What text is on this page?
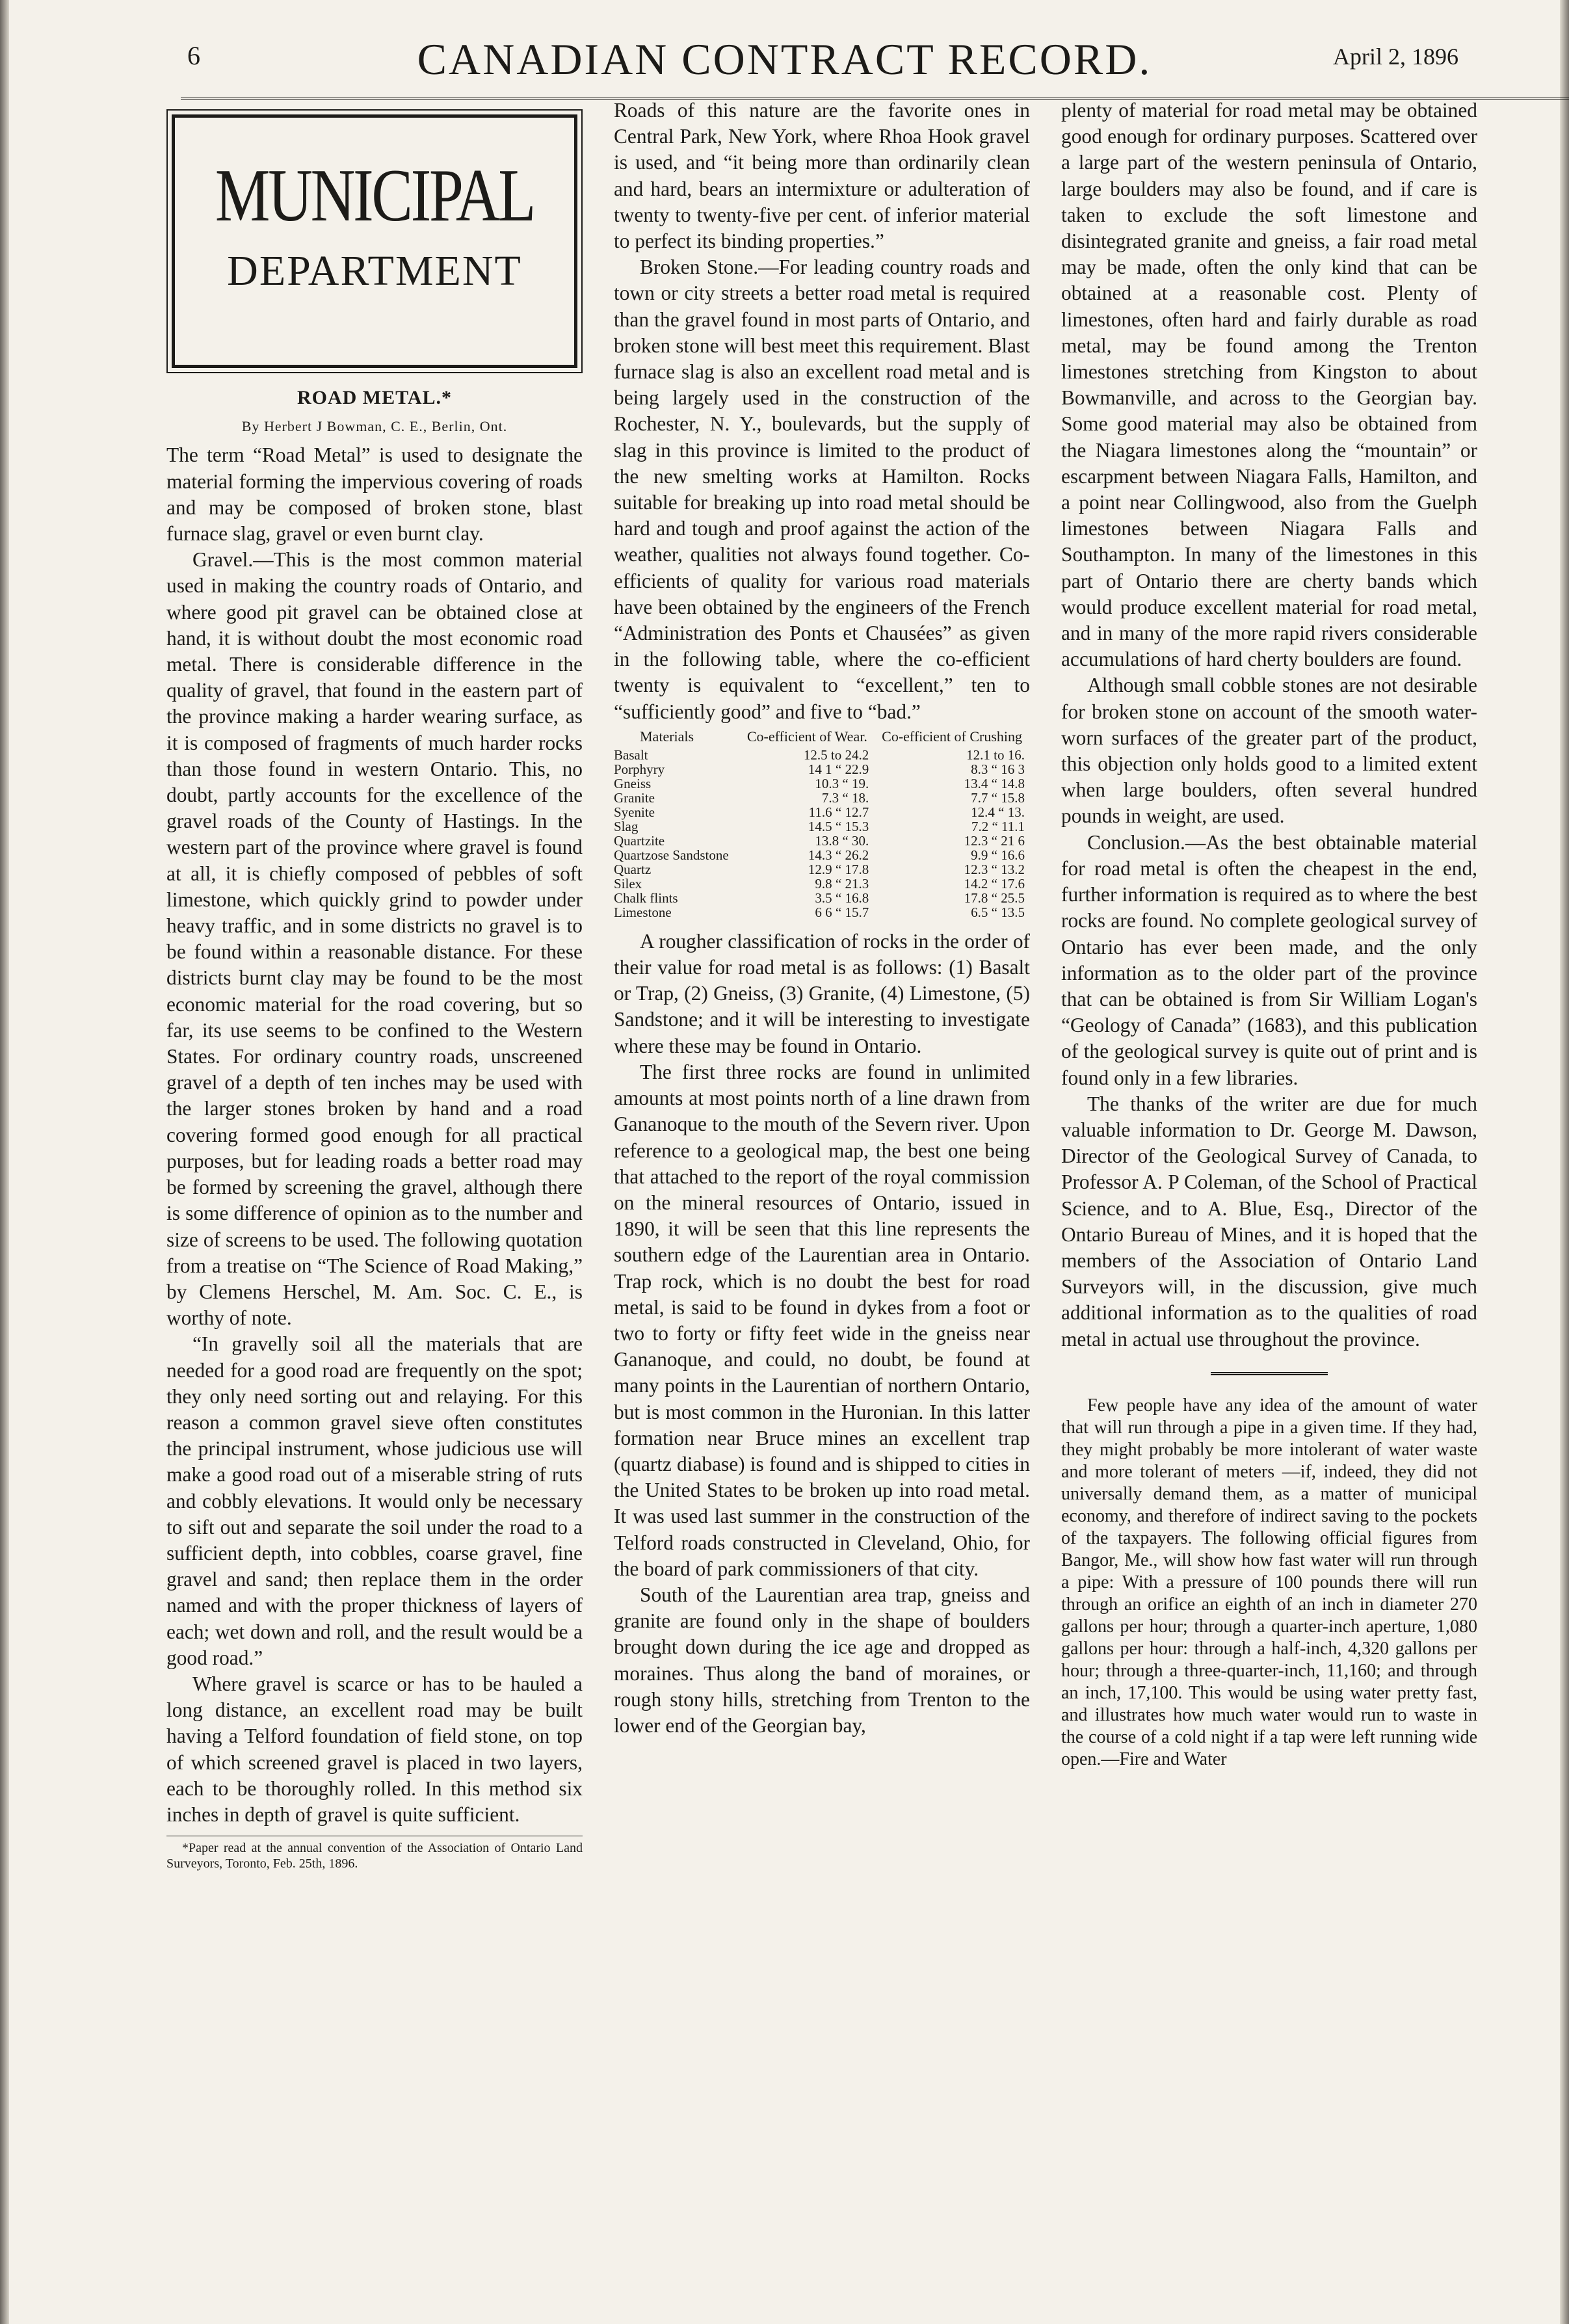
6	CANADIAN CONTRACT RECORD.	April 2, 1896
MUNICIPAL
DEPARTMENT
ROAD METAL.*
By Herbert J Bowman, C. E., Berlin, Ont.

The term “Road Metal” is used to designate the material forming the impervious covering of roads and may be composed of broken stone, blast furnace slag, gravel or even burnt clay.

Gravel.—This is the most common material used in making the country roads of Ontario, and where good pit gravel can be obtained close at hand, it is without doubt the most economic road metal. There is considerable difference in the quality of gravel, that found in the eastern part of the province making a harder wearing surface, as it is composed of fragments of much harder rocks than those found in western Ontario. This, no doubt, partly accounts for the excellence of the gravel roads of the County of Hastings. In the western part of the province where gravel is found at all, it is chiefly composed of pebbles of soft limestone, which quickly grind to powder under heavy traffic, and in some districts no gravel is to be found within a reasonable distance. For these districts burnt clay may be found to be the most economic material for the road covering, but so far, its use seems to be confined to the Western States. For ordinary country roads, unscreened gravel of a depth of ten inches may be used with the larger stones broken by hand and a road covering formed good enough for all practical purposes, but for leading roads a better road may be formed by screening the gravel, although there is some difference of opinion as to the number and size of screens to be used. The following quotation from a treatise on “The Science of Road Making,” by Clemens Herschel, M. Am. Soc. C. E., is worthy of note.

“In gravelly soil all the materials that are needed for a good road are frequently on the spot; they only need sorting out and relaying. For this reason a common gravel sieve often constitutes the principal instrument, whose judicious use will make a good road out of a miserable string of ruts and cobbly elevations. It would only be necessary to sift out and separate the soil under the road to a sufficient depth, into cobbles, coarse gravel, fine gravel and sand; then replace them in the order named and with the proper thickness of layers of each; wet down and roll, and the result would be a good road.”

Where gravel is scarce or has to be hauled a long distance, an excellent road may be built having a Telford foundation of field stone, on top of which screened gravel is placed in two layers, each to be thoroughly rolled. In this method six inches in depth of gravel is quite sufficient.

*Paper read at the annual convention of the Association of Ontario Land Surveyors, Toronto, Feb. 25th, 1896.

Roads of this nature are the favorite ones in Central Park, New York, where Rhoa Hook gravel is used, and “it being more than ordinarily clean and hard, bears an intermixture or adulteration of twenty to twenty-five per cent. of inferior material to perfect its binding properties.”

Broken Stone.—For leading country roads and town or city streets a better road metal is required than the gravel found in most parts of Ontario, and broken stone will best meet this requirement. Blast furnace slag is also an excellent road metal and is being largely used in the construction of the Rochester, N. Y., boulevards, but the supply of slag in this province is limited to the product of the new smelting works at Hamilton. Rocks suitable for breaking up into road metal should be hard and tough and proof against the action of the weather, qualities not always found together. Co-efficients of quality for various road materials have been obtained by the engineers of the French “Administration des Ponts et Chausées” as given in the following table, where the co-efficient twenty is equivalent to “excellent,” ten to “sufficiently good” and five to “bad.”

Materials	Co-efficient of Wear.	Co-efficient of Crushing
Basalt	12.5 to 24.2	12.1 to 16.
Porphyry	14 1 “ 22.9	8.3 “ 16 3
Gneiss	10.3 “ 19.	13.4 “ 14.8
Granite	7.3 “ 18.	7.7 “ 15.8
Syenite	11.6 “ 12.7	12.4 “ 13.
Slag	14.5 “ 15.3	7.2 “ 11.1
Quartzite	13.8 “ 30.	12.3 “ 21 6
Quartzose Sandstone	14.3 “ 26.2	9.9 “ 16.6
Quartz	12.9 “ 17.8	12.3 “ 13.2
Silex	9.8 “ 21.3	14.2 “ 17.6
Chalk flints	3.5 “ 16.8	17.8 “ 25.5
Limestone	6 6 “ 15.7	6.5 “ 13.5

A rougher classification of rocks in the order of their value for road metal is as follows: (1) Basalt or Trap, (2) Gneiss, (3) Granite, (4) Limestone, (5) Sandstone; and it will be interesting to investigate where these may be found in Ontario.

The first three rocks are found in unlimited amounts at most points north of a line drawn from Gananoque to the mouth of the Severn river. Upon reference to a geological map, the best one being that attached to the report of the royal commission on the mineral resources of Ontario, issued in 1890, it will be seen that this line represents the southern edge of the Laurentian area in Ontario. Trap rock, which is no doubt the best for road metal, is said to be found in dykes from a foot or two to forty or fifty feet wide in the gneiss near Gananoque, and could, no doubt, be found at many points in the Laurentian of northern Ontario, but is most common in the Huronian. In this latter formation near Bruce mines an excellent trap (quartz diabase) is found and is shipped to cities in the United States to be broken up into road metal. It was used last summer in the construction of the Telford roads constructed in Cleveland, Ohio, for the board of park commissioners of that city.

South of the Laurentian area trap, gneiss and granite are found only in the shape of boulders brought down during the ice age and dropped as moraines. Thus along the band of moraines, or rough stony hills, stretching from Trenton to the lower end of the Georgian bay,

plenty of material for road metal may be obtained good enough for ordinary purposes. Scattered over a large part of the western peninsula of Ontario, large boulders may also be found, and if care is taken to exclude the soft limestone and disintegrated granite and gneiss, a fair road metal may be made, often the only kind that can be obtained at a reasonable cost. Plenty of limestones, often hard and fairly durable as road metal, may be found among the Trenton limestones stretching from Kingston to about Bowmanville, and across to the Georgian bay. Some good material may also be obtained from the Niagara limestones along the “mountain” or escarpment between Niagara Falls, Hamilton, and a point near Collingwood, also from the Guelph limestones between Niagara Falls and Southampton. In many of the limestones in this part of Ontario there are cherty bands which would produce excellent material for road metal, and in many of the more rapid rivers considerable accumulations of hard cherty boulders are found.

Although small cobble stones are not desirable for broken stone on account of the smooth water-worn surfaces of the greater part of the product, this objection only holds good to a limited extent when large boulders, often several hundred pounds in weight, are used.

Conclusion.—As the best obtainable material for road metal is often the cheapest in the end, further information is required as to where the best rocks are found. No complete geological survey of Ontario has ever been made, and the only information as to the older part of the province that can be obtained is from Sir William Logan's “Geology of Canada” (1683), and this publication of the geological survey is quite out of print and is found only in a few libraries.

The thanks of the writer are due for much valuable information to Dr. George M. Dawson, Director of the Geological Survey of Canada, to Professor A. P Coleman, of the School of Practical Science, and to A. Blue, Esq., Director of the Ontario Bureau of Mines, and it is hoped that the members of the Association of Ontario Land Surveyors will, in the discussion, give much additional information as to the qualities of road metal in actual use throughout the province.

Few people have any idea of the amount of water that will run through a pipe in a given time. If they had, they might probably be more intolerant of water waste and more tolerant of meters —if, indeed, they did not universally demand them, as a matter of municipal economy, and therefore of indirect saving to the pockets of the taxpayers. The following official figures from Bangor, Me., will show how fast water will run through a pipe: With a pressure of 100 pounds there will run through an orifice an eighth of an inch in diameter 270 gallons per hour; through a quarter-inch aperture, 1,080 gallons per hour: through a half-inch, 4,320 gallons per hour; through a three-quarter-inch, 11,160; and through an inch, 17,100. This would be using water pretty fast, and illustrates how much water would run to waste in the course of a cold night if a tap were left running wide open.—Fire and Water
